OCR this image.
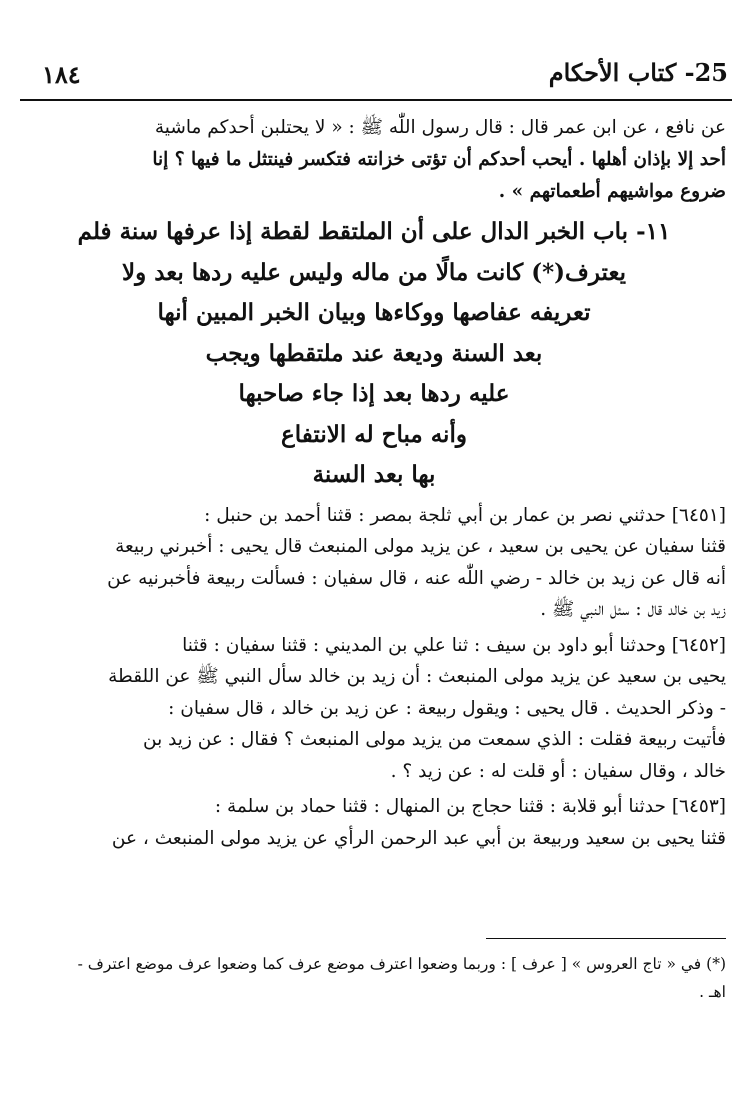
١٨٤	25- كتاب الأحكام
عن نافع ، عن ابن عمر قال : قال رسول اللّٰه ﷺ : « لا يحتلبن أحدكم ماشية
أحد إلا بإذان أهلها . أيحب أحدكم أن تؤتى خزانته فتكسر فينتثل ما فيها ؟ إنا
ضروع مواشيهم أطعماتهم » .
١١- باب الخبر الدال على أن الملتقط لقطة إذا عرفها سنة فلم
يعترف(*) كانت مالًا من ماله وليس عليه ردها بعد ولا
تعريفه عفاصها ووكاءها وبيان الخبر المبين أنها
بعد السنة وديعة عند ملتقطها ويجب
عليه ردها بعد إذا جاء صاحبها
وأنه مباح له الانتفاع
بها بعد السنة
[٦٤٥١] حدثني نصر بن عمار بن أبي ثلجة بمصر : قثنا أحمد بن حنبل :
قثنا سفيان عن يحيى بن سعيد ، عن يزيد مولى المنبعث قال يحيى : أخبرني ربيعة
أنه قال عن زيد بن خالد - رضي اللّٰه عنه ، قال سفيان : فسألت ربيعة فأخبرنيه عن
زيد بن خالد قال : سئل النبي ﷺ .
[٦٤٥٢] وحدثنا أبو داود بن سيف : ثنا علي بن المديني : قثنا سفيان : قثنا
يحيى بن سعيد عن يزيد مولى المنبعث : أن زيد بن خالد سأل النبي ﷺ عن اللقطة
- وذكر الحديث . قال يحيى : ويقول ربيعة : عن زيد بن خالد ، قال سفيان :
فأتيت ربيعة فقلت : الذي سمعت من يزيد مولى المنبعث ؟ فقال : عن زيد بن
خالد ، وقال سفيان : أو قلت له : عن زيد ؟ .
[٦٤٥٣] حدثنا أبو قلابة : قثنا حجاج بن المنهال : قثنا حماد بن سلمة :
قثنا يحيى بن سعيد وربيعة بن أبي عبد الرحمن الرأي عن يزيد مولى المنبعث ، عن
(*) في « تاج العروس » [ عرف ] : وربما وضعوا اعترف موضع عرف كما وضعوا عرف موضع اعترف -
اهـ .
